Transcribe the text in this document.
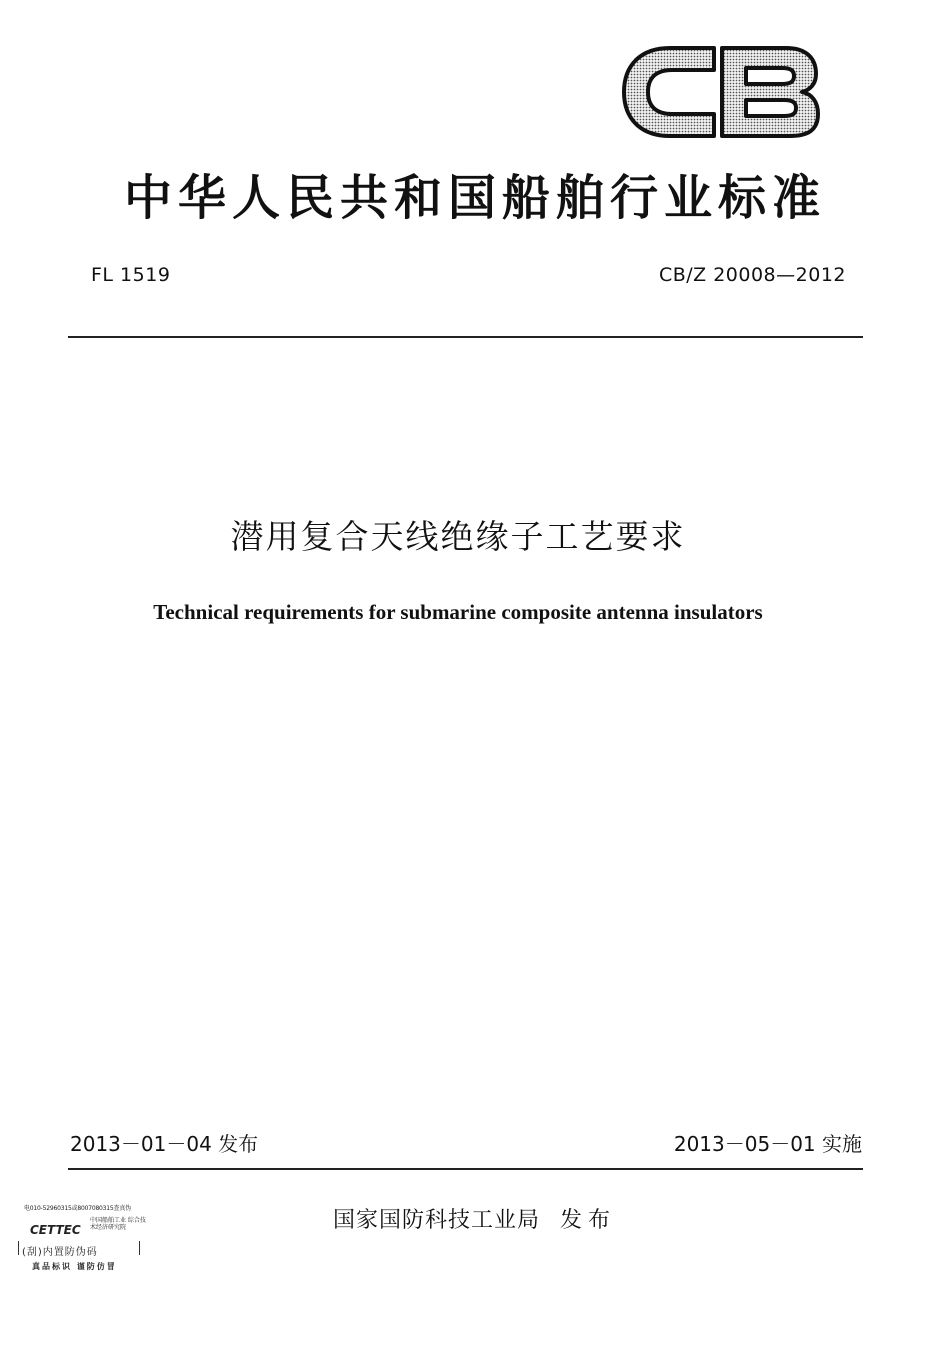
中华人民共和国船舶行业标准
FL 1519	CB/Z 20008—2012
潜用复合天线绝缘子工艺要求
Technical requirements for submarine composite antenna insulators
2013－01－04 发布	2013－05－01 实施
国家国防科技工业局 发布
电010-52960315或8007080315查真伪
CETTEC
中国船舶工业 综合技术经济研究院
(刮)内置防伪码
真品标识 谨防仿冒
